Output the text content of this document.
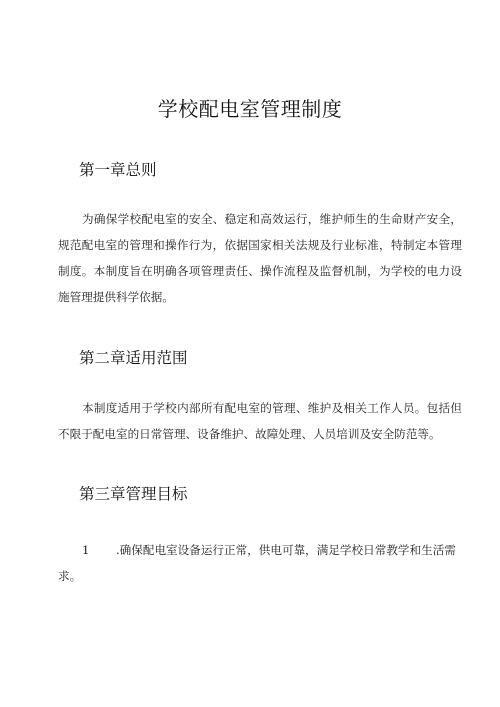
学校配电室管理制度
第一章总则
为确保学校配电室的安全、稳定和高效运行，维护师生的生命财产安全，规范配电室的管理和操作行为，依据国家相关法规及行业标准，特制定本管理制度。本制度旨在明确各项管理责任、操作流程及监督机制，为学校的电力设施管理提供科学依据。
第二章适用范围
本制度适用于学校内部所有配电室的管理、维护及相关工作人员。包括但不限于配电室的日常管理、设备维护、故障处理、人员培训及安全防范等。
第三章管理目标
1 .确保配电室设备运行正常，供电可靠，满足学校日常教学和生活需求。
